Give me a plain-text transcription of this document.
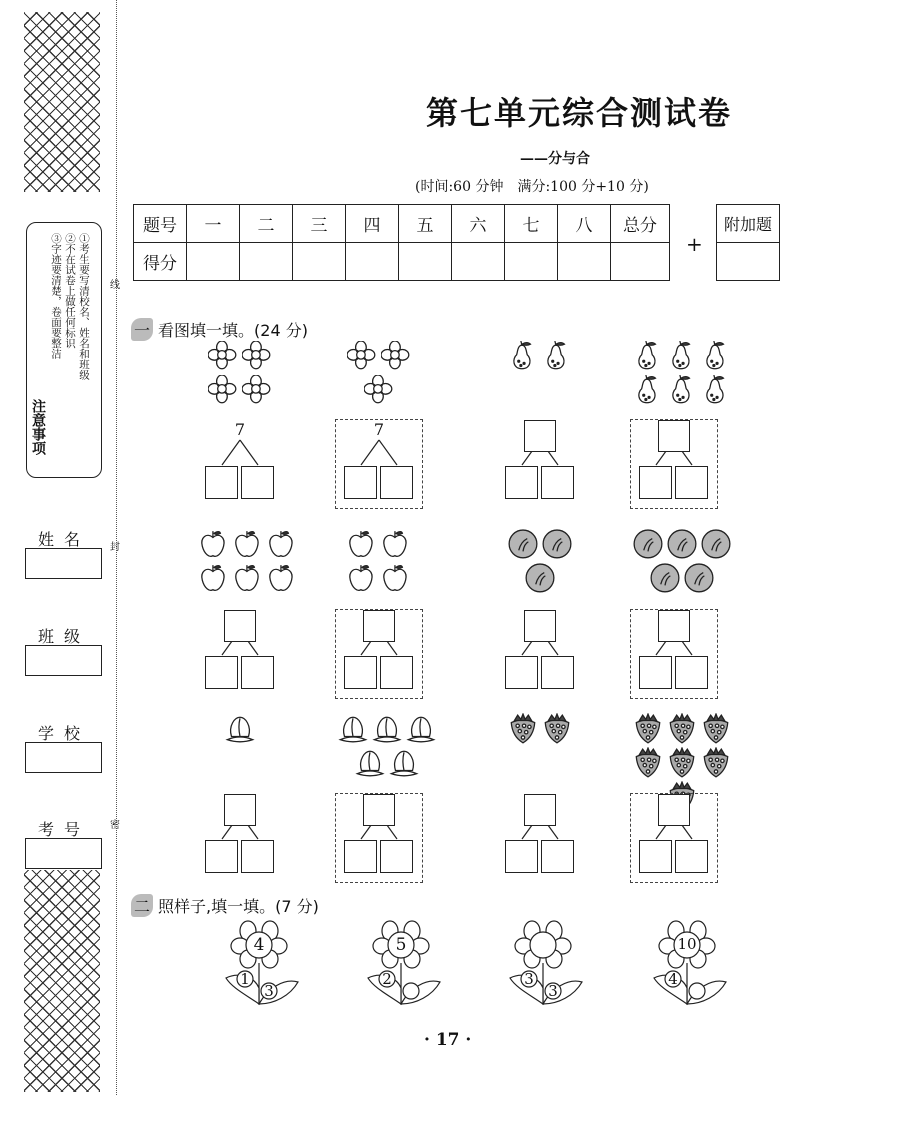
线
封
密
①考生要写清校名、姓名和班级
②不在试卷上做任何标识
③字迹要清楚，卷面要整洁
注意事项
姓名
班级
学校
考号
第七单元综合测试卷
——分与合
(时间:60 分钟　满分:100 分+10 分)
题号	一	二	三	四	五	六	七	八	总分
得分									
+
附加题

一 看图填一填。(24 分)
7	7
二 照样子,填一填。(7 分)
4
1
3
5
2	3
3
10
4
· 17 ·
